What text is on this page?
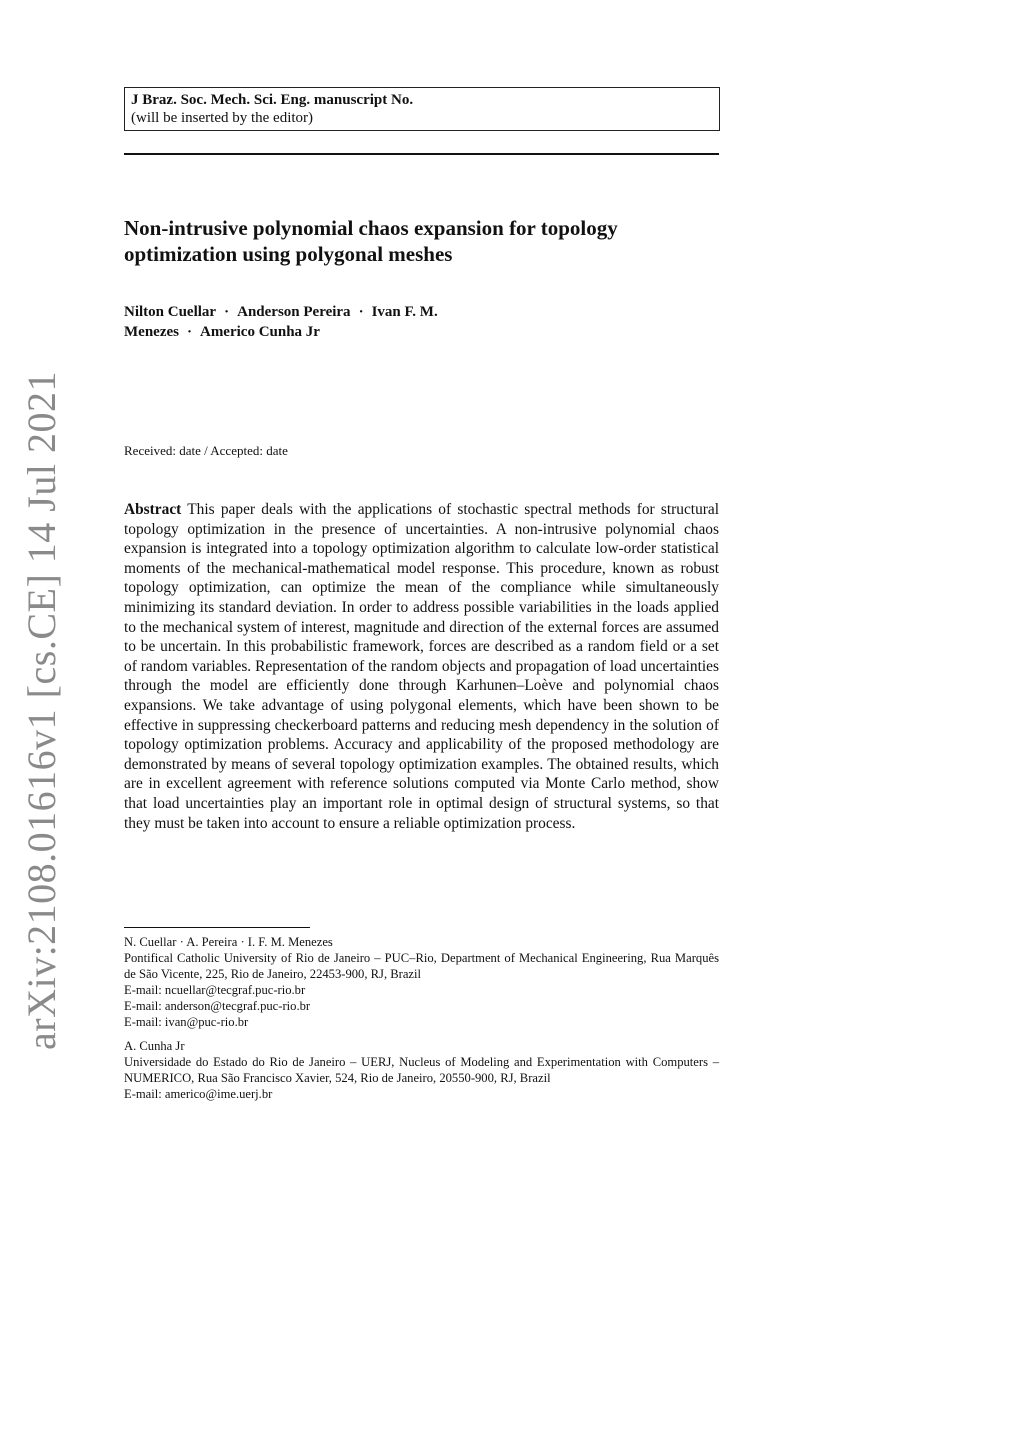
arXiv:2108.01616v1 [cs.CE] 14 Jul 2021
J Braz. Soc. Mech. Sci. Eng. manuscript No.
(will be inserted by the editor)
Non-intrusive polynomial chaos expansion for topology optimization using polygonal meshes
Nilton Cuellar · Anderson Pereira · Ivan F. M.
Menezes · Americo Cunha Jr
Received: date / Accepted: date

Abstract This paper deals with the applications of stochastic spectral methods for structural topology optimization in the presence of uncertainties. A non-intrusive polynomial chaos expansion is integrated into a topology optimization algorithm to calculate low-order statistical moments of the mechanical-mathematical model response. This procedure, known as robust topology optimization, can optimize the mean of the compliance while simultaneously minimizing its standard deviation. In order to address possible variabilities in the loads applied to the mechanical system of interest, magnitude and direction of the external forces are assumed to be uncertain. In this probabilistic framework, forces are described as a random field or a set of random variables. Representation of the random objects and propagation of load uncertainties through the model are efficiently done through Karhunen–Loève and polynomial chaos expansions. We take advantage of using polygonal elements, which have been shown to be effective in suppressing checkerboard patterns and reducing mesh dependency in the solution of topology optimization problems. Accuracy and applicability of the proposed methodology are demonstrated by means of several topology optimization examples. The obtained results, which are in excellent agreement with reference solutions computed via Monte Carlo method, show that load uncertainties play an important role in optimal design of structural systems, so that they must be taken into account to ensure a reliable optimization process.

N. Cuellar · A. Pereira · I. F. M. Menezes
Pontifical Catholic University of Rio de Janeiro – PUC–Rio, Department of Mechanical Engineering, Rua Marquês de São Vicente, 225, Rio de Janeiro, 22453-900, RJ, Brazil
E-mail: ncuellar@tecgraf.puc-rio.br
E-mail: anderson@tecgraf.puc-rio.br
E-mail: ivan@puc-rio.br
A. Cunha Jr
Universidade do Estado do Rio de Janeiro – UERJ, Nucleus of Modeling and Experimentation with Computers – NUMERICO, Rua São Francisco Xavier, 524, Rio de Janeiro, 20550-900, RJ, Brazil
E-mail: americo@ime.uerj.br
